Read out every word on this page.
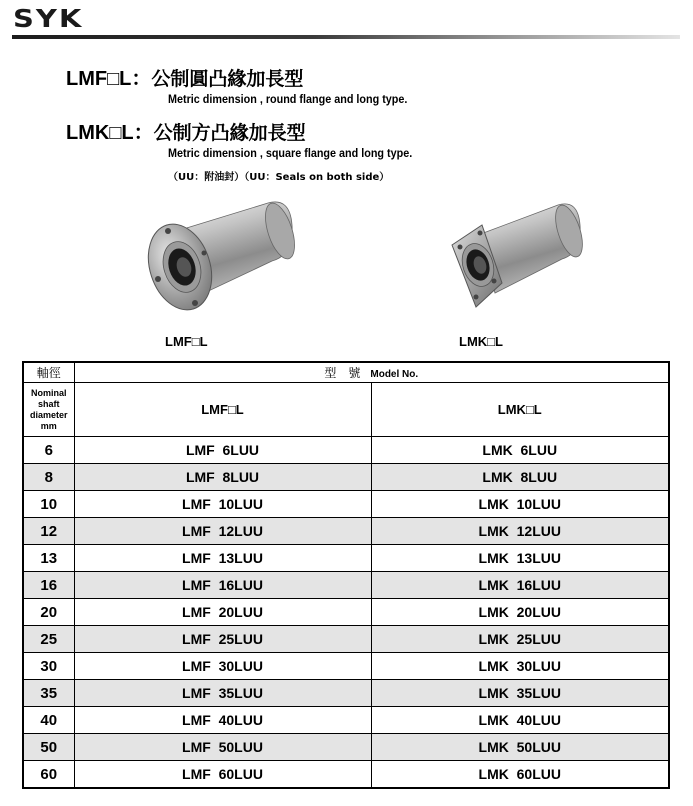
SYK
LMF□L：公制圓凸緣加長型
Metric dimension , round flange and long type.
LMK□L：公制方凸緣加長型
Metric dimension , square flange and long type.
（UU：附油封）（UU：Seals on both side）
LMF□L	LMK□L
軸徑	型　號 Model No.	
Nominal shaft diameter mm	LMF□L	LMK□L
6	LMF  6LUU	LMK  6LUU
8	LMF  8LUU	LMK  8LUU
10	LMF  10LUU	LMK  10LUU
12	LMF  12LUU	LMK  12LUU
13	LMF  13LUU	LMK  13LUU
16	LMF  16LUU	LMK  16LUU
20	LMF  20LUU	LMK  20LUU
25	LMF  25LUU	LMK  25LUU
30	LMF  30LUU	LMK  30LUU
35	LMF  35LUU	LMK  35LUU
40	LMF  40LUU	LMK  40LUU
50	LMF  50LUU	LMK  50LUU
60	LMF  60LUU	LMK  60LUU
